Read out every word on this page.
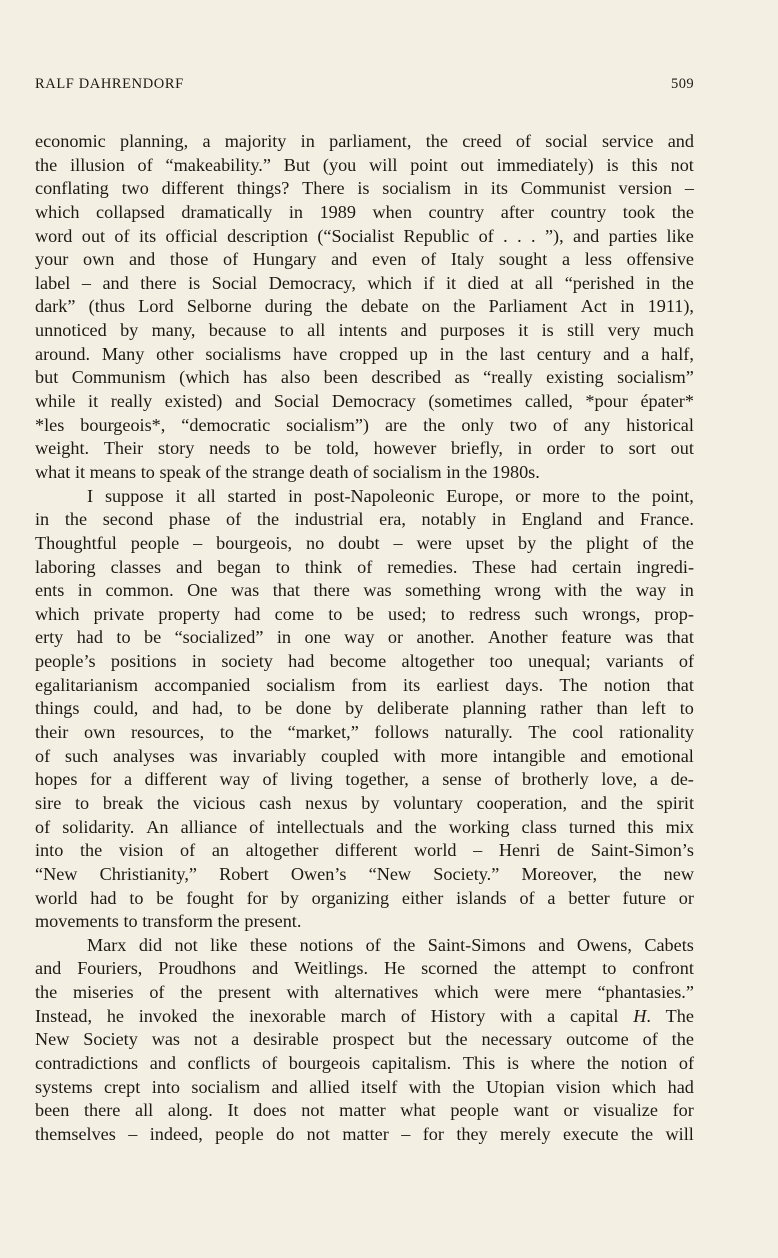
RALF DAHRENDORF	509
economic planning, a majority in parliament, the creed of social service and
the illusion of “makeability.” But (you will point out immediately) is this not
conflating two different things? There is socialism in its Communist version –
which collapsed dramatically in 1989 when country after country took the
word out of its official description (“Socialist Republic of . . . ”), and parties like
your own and those of Hungary and even of Italy sought a less offensive
label – and there is Social Democracy, which if it died at all “perished in the
dark” (thus Lord Selborne during the debate on the Parliament Act in 1911),
unnoticed by many, because to all intents and purposes it is still very much
around. Many other socialisms have cropped up in the last century and a half,
but Communism (which has also been described as “really existing socialism”
while it really existed) and Social Democracy (sometimes called, *pour épater*
*les bourgeois*, “democratic socialism”) are the only two of any historical
weight. Their story needs to be told, however briefly, in order to sort out
what it means to speak of the strange death of socialism in the 1980s.
I suppose it all started in post-Napoleonic Europe, or more to the point,
in the second phase of the industrial era, notably in England and France.
Thoughtful people – bourgeois, no doubt – were upset by the plight of the
laboring classes and began to think of remedies. These had certain ingredi-
ents in common. One was that there was something wrong with the way in
which private property had come to be used; to redress such wrongs, prop-
erty had to be “socialized” in one way or another. Another feature was that
people’s positions in society had become altogether too unequal; variants of
egalitarianism accompanied socialism from its earliest days. The notion that
things could, and had, to be done by deliberate planning rather than left to
their own resources, to the “market,” follows naturally. The cool rationality
of such analyses was invariably coupled with more intangible and emotional
hopes for a different way of living together, a sense of brotherly love, a de-
sire to break the vicious cash nexus by voluntary cooperation, and the spirit
of solidarity. An alliance of intellectuals and the working class turned this mix
into the vision of an altogether different world – Henri de Saint-Simon’s
“New Christianity,” Robert Owen’s “New Society.” Moreover, the new
world had to be fought for by organizing either islands of a better future or
movements to transform the present.
Marx did not like these notions of the Saint-Simons and Owens, Cabets
and Fouriers, Proudhons and Weitlings. He scorned the attempt to confront
the miseries of the present with alternatives which were mere “phantasies.”
Instead, he invoked the inexorable march of History with a capital H. The
New Society was not a desirable prospect but the necessary outcome of the
contradictions and conflicts of bourgeois capitalism. This is where the notion of
systems crept into socialism and allied itself with the Utopian vision which had
been there all along. It does not matter what people want or visualize for
themselves – indeed, people do not matter – for they merely execute the will
